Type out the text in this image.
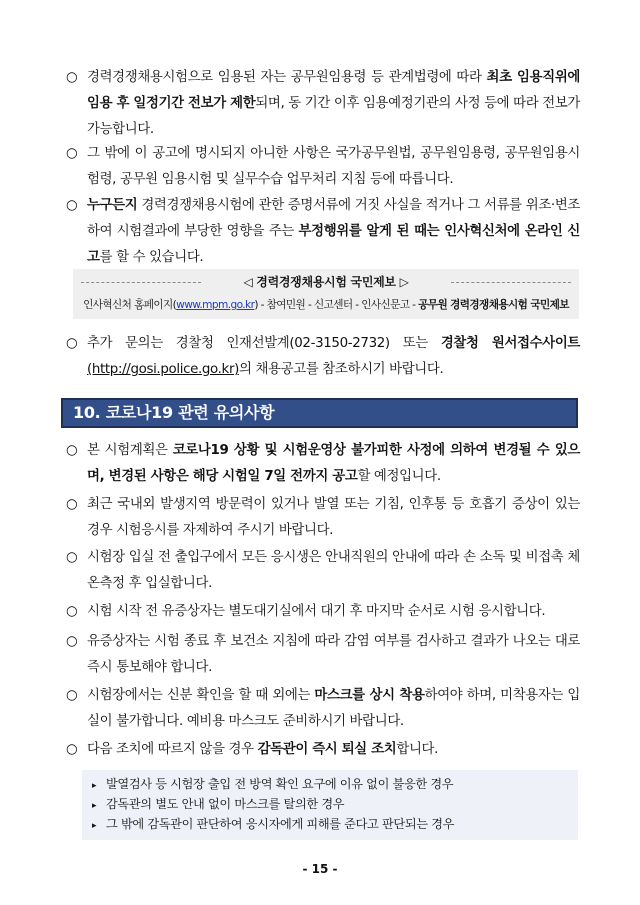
○ 경력경쟁채용시험으로 임용된 자는 공무원임용령 등 관계법령에 따라 최초 임용직위에 임용 후 일정기간 전보가 제한되며, 동 기간 이후 임용예정기관의 사정 등에 따라 전보가 가능합니다.
○ 그 밖에 이 공고에 명시되지 아니한 사항은 국가공무원법, 공무원임용령, 공무원임용시험령, 공무원 임용시험 및 실무수습 업무처리 지침 등에 따릅니다.
○ 누구든지 경력경쟁채용시험에 관한 증명서류에 거짓 사실을 적거나 그 서류를 위조·변조하여 시험결과에 부당한 영향을 주는 부정행위를 알게 된 때는 인사혁신처에 온라인 신고를 할 수 있습니다.
◁ 경력경쟁채용시험 국민제보 ▷
인사혁신처 홈페이지(www.mpm.go.kr) - 참여민원 - 신고센터 - 인사신문고 - 공무원 경력경쟁채용시험 국민제보
○ 추가 문의는 경찰청 인재선발계(02-3150-2732) 또는 경찰청 원서접수사이트 (http://gosi.police.go.kr)의 채용공고를 참조하시기 바랍니다.
10. 코로나19 관련 유의사항
○ 본 시험계획은 코로나19 상황 및 시험운영상 불가피한 사정에 의하여 변경될 수 있으며, 변경된 사항은 해당 시험일 7일 전까지 공고할 예정입니다.
○ 최근 국내외 발생지역 방문력이 있거나 발열 또는 기침, 인후통 등 호흡기 증상이 있는 경우 시험응시를 자제하여 주시기 바랍니다.
○ 시험장 입실 전 출입구에서 모든 응시생은 안내직원의 안내에 따라 손 소독 및 비접촉 체온측정 후 입실합니다.
○ 시험 시작 전 유증상자는 별도대기실에서 대기 후 마지막 순서로 시험 응시합니다.
○ 유증상자는 시험 종료 후 보건소 지침에 따라 감염 여부를 검사하고 결과가 나오는 대로 즉시 통보해야 합니다.
○ 시험장에서는 신분 확인을 할 때 외에는 마스크를 상시 착용하여야 하며, 미착용자는 입실이 불가합니다. 예비용 마스크도 준비하시기 바랍니다.
○ 다음 조치에 따르지 않을 경우 감독관이 즉시 퇴실 조치합니다.
▸ 발열검사 등 시험장 출입 전 방역 확인 요구에 이유 없이 불응한 경우
▸ 감독관의 별도 안내 없이 마스크를 탈의한 경우
▸ 그 밖에 감독관이 판단하여 응시자에게 피해를 준다고 판단되는 경우
- 15 -
